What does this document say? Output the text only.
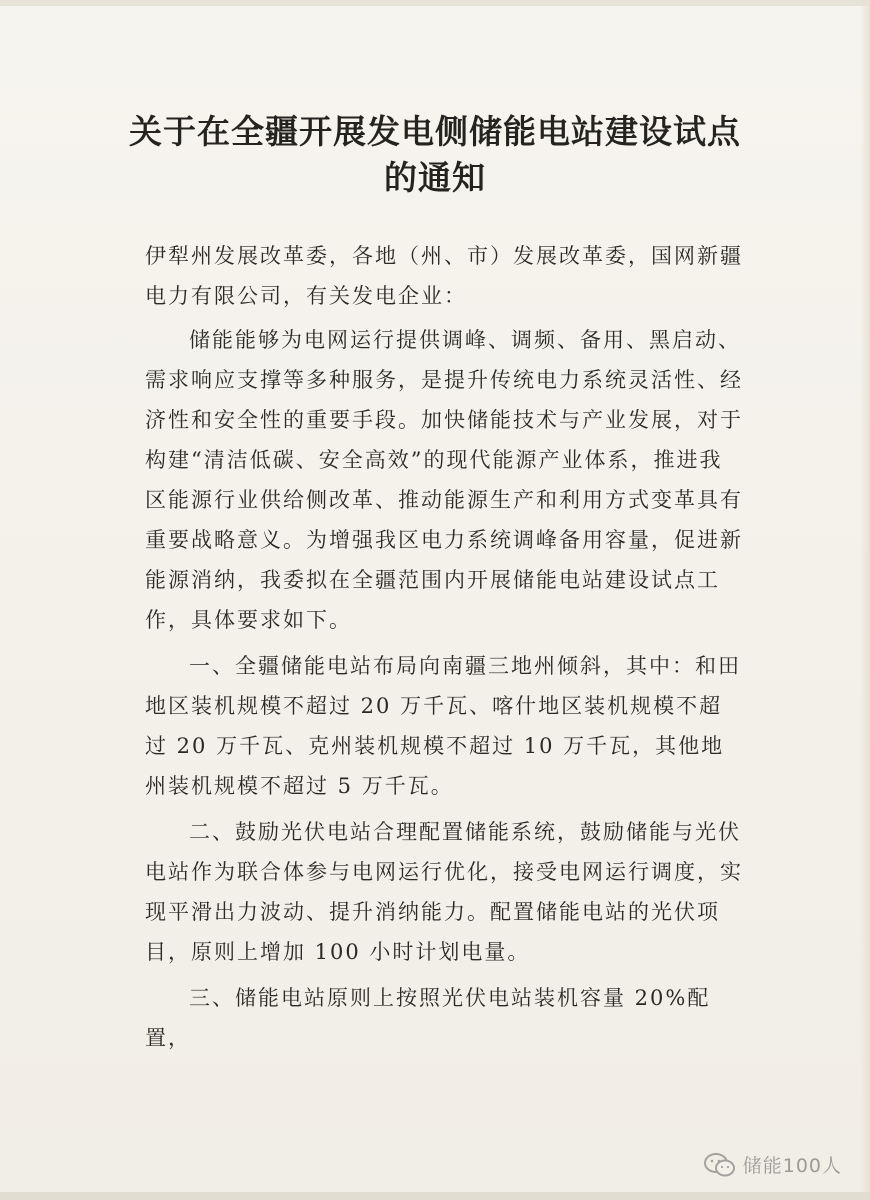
关于在全疆开展发电侧储能电站建设试点
的通知

伊犁州发展改革委，各地（州、市）发展改革委，国网新疆电力有限公司，有关发电企业：

储能能够为电网运行提供调峰、调频、备用、黑启动、需求响应支撑等多种服务，是提升传统电力系统灵活性、经济性和安全性的重要手段。加快储能技术与产业发展，对于构建“清洁低碳、安全高效”的现代能源产业体系，推进我区能源行业供给侧改革、推动能源生产和利用方式变革具有重要战略意义。为增强我区电力系统调峰备用容量，促进新能源消纳，我委拟在全疆范围内开展储能电站建设试点工作，具体要求如下。

一、全疆储能电站布局向南疆三地州倾斜，其中：和田地区装机规模不超过 20 万千瓦、喀什地区装机规模不超过 20 万千瓦、克州装机规模不超过 10 万千瓦，其他地州装机规模不超过 5 万千瓦。

二、鼓励光伏电站合理配置储能系统，鼓励储能与光伏电站作为联合体参与电网运行优化，接受电网运行调度，实现平滑出力波动、提升消纳能力。配置储能电站的光伏项目，原则上增加 100 小时计划电量。

三、储能电站原则上按照光伏电站装机容量 20%配置，

储能100人
